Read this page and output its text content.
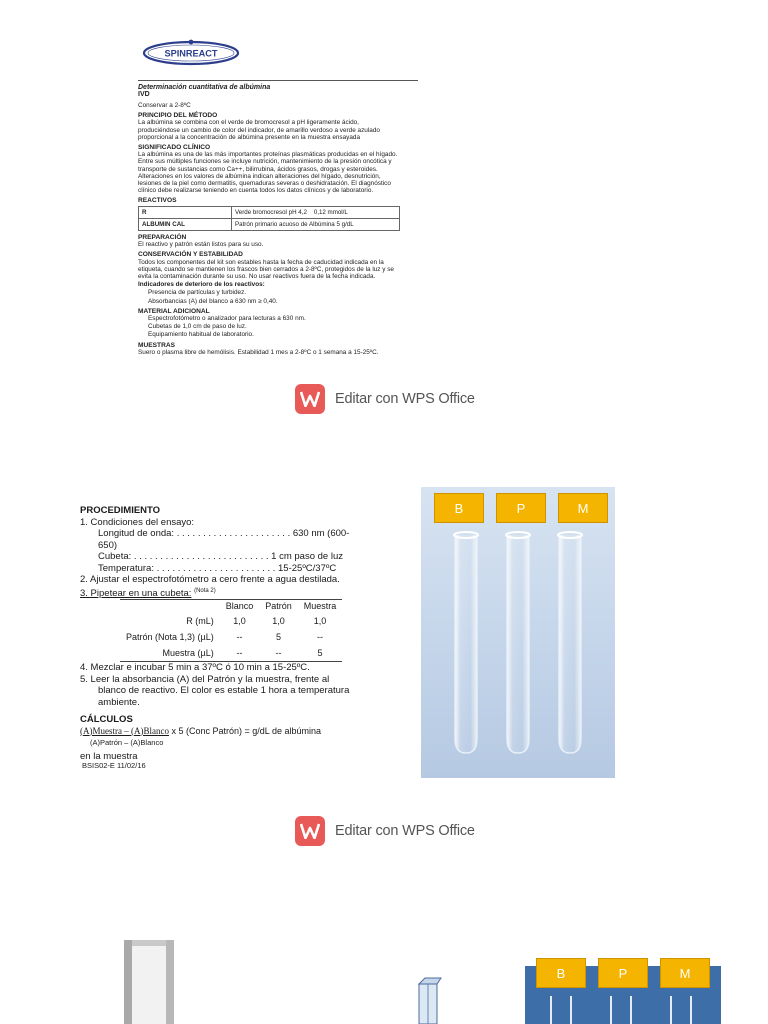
SPINREACT
Determinación cuantitativa de albúmina
IVD

Conservar a 2-8ºC

PRINCIPIO DEL MÉTODO

La albúmina se combina con el verde de bromocresol a pH ligeramente ácido, produciéndose un cambio de color del indicador, de amarillo verdoso a verde azulado proporcional a la concentración de albúmina presente en la muestra ensayada

SIGNIFICADO CLÍNICO

La albúmina es una de las más importantes proteínas plasmáticas producidas en el hígado. Entre sus múltiples funciones se incluye nutrición, mantenimiento de la presión oncótica y transporte de sustancias como Ca++, bilirrubina, ácidos grasos, drogas y esteroides. Alteraciones en los valores de albúmina indican alteraciones del hígado, desnutrición, lesiones de la piel como dermatitis, quemaduras severas o deshidratación. El diagnóstico clínico debe realizarse teniendo en cuenta todos los datos clínicos y de laboratorio.

REACTIVOS
R	Verde bromocresol pH 4,2 0,12 mmol/L
ALBUMIN CAL	Patrón primario acuoso de Albúmina 5 g/dL
PREPARACIÓN

El reactivo y patrón están listos para su uso.

CONSERVACIÓN Y ESTABILIDAD

Todos los componentes del kit son estables hasta la fecha de caducidad indicada en la etiqueta, cuando se mantienen los frascos bien cerrados a 2-8ºC, protegidos de la luz y se evita la contaminación durante su uso. No usar reactivos fuera de la fecha indicada.

Indicadores de deterioro de los reactivos:

Presencia de partículas y turbidez.

Absorbancias (A) del blanco a 630 nm ≥ 0,40.

MATERIAL ADICIONAL

Espectrofotómetro o analizador para lecturas a 630 nm.

Cubetas de 1,0 cm de paso de luz.

Equipamiento habitual de laboratorio.

MUESTRAS

Suero o plasma libre de hemólisis. Estabilidad 1 mes a 2-8ºC o 1 semana a 15-25ºC.

Editar con WPS Office
PROCEDIMIENTO
1. Condiciones del ensayo:
Longitud de onda: . . . . . . . . . . . . . . . . . . . . . . 630 nm (600-650)
Cubeta: . . . . . . . . . . . . . . . . . . . . . . . . . . 1 cm paso de luz
Temperatura: . . . . . . . . . . . . . . . . . . . . . . . 15-25ºC/37ºC
2. Ajustar el espectrofotómetro a cero frente a agua destilada.
3. Pipetear en una cubeta: $^{(Nota 2)}$
	Blanco	Patrón	Muestra
R (mL)	1,0	1,0	1,0
Patrón (Nota 1,3) (µL)	--	5	--
Muestra (µL)	--	--	5
4. Mezclar e incubar 5 min a 37ºC ó 10 min a 15-25ºC.
5. Leer la absorbancia (A) del Patrón y la muestra, frente al
blanco de reactivo. El color es estable 1 hora a temperatura
ambiente.
CÁLCULOS
(A)Muestra – (A)Blanco x 5 (Conc Patrón) = g/dL de albúmina
(A)Patrón – (A)Blanco
en la muestra
BSIS02-E 11/02/16
B	P	M
Editar con WPS Office
B	P	M
